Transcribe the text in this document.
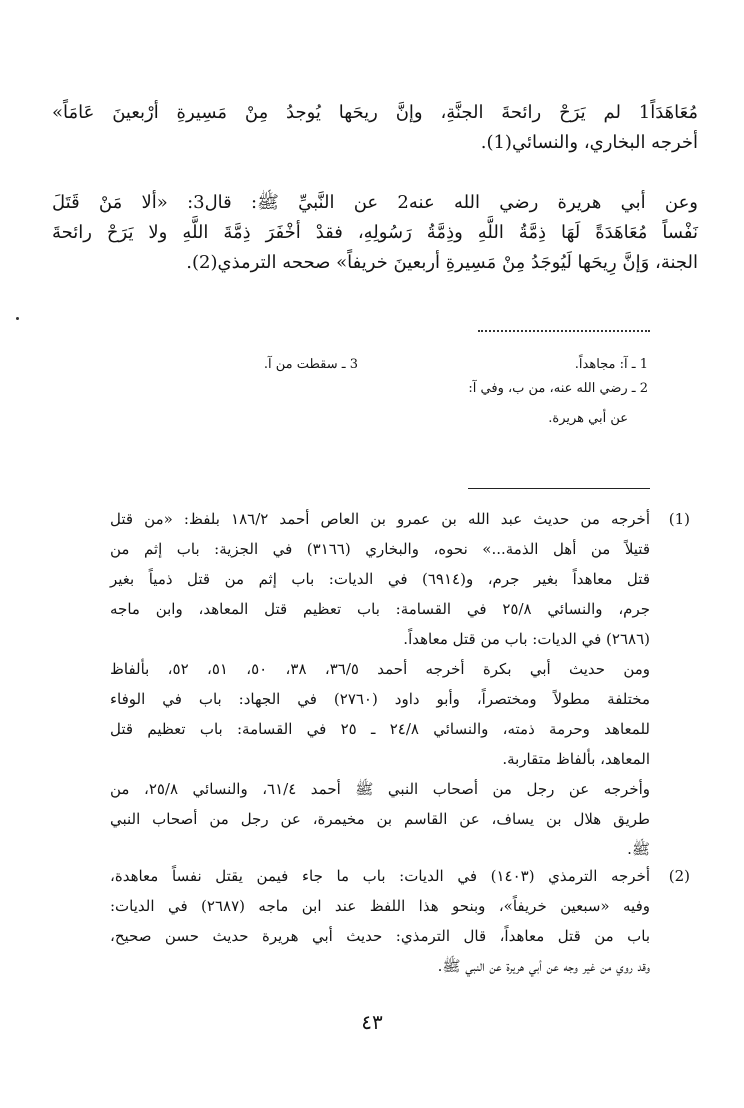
مُعَاهَدَاً1 لم يَرَحْ رائحةَ الجنَّةِ، وإنَّ ريحَها يُوجدُ مِنْ مَسِيرةِ أرْبعينَ عَامَاً»
أخرجه البخاري، والنسائي(1).
وعن أبي هريرة رضي الله عنه2 عن النَّبيِّ ﷺ: قال3: «ألا مَنْ قَتَلَ
نَفْساً مُعَاهَدَةً لَهَا ذِمَّةُ اللَّهِ وذِمَّةُ رَسُولِهِ، فقدْ أخْفَرَ ذِمَّةَ اللَّهِ ولا يَرَحْ رائحةَ
الجنة، وَإنَّ رِيحَها لَيُوجَدُ مِنْ مَسِيرةِ أربعينَ خريفاً» صححه الترمذي(2).
1 ـ آ: مجاهداً.
3 ـ سقطت من آ.
2 ـ رضي الله عنه، من ب، وفي آ:
عن أبي هريرة.
(1)
أخرجه من حديث عبد الله بن عمرو بن العاص أحمد ١٨٦/٢ بلفظ: «من قتل
قتيلاً من أهل الذمة...» نحوه، والبخاري (٣١٦٦) في الجزية: باب إثم من
قتل معاهداً بغير جرم، و(٦٩١٤) في الديات: باب إثم من قتل ذمياً بغير
جرم، والنسائي ٢٥/٨ في القسامة: باب تعظيم قتل المعاهد، وابن ماجه
(٢٦٨٦) في الديات: باب من قتل معاهداً.
ومن حديث أبي بكرة أخرجه أحمد ٣٦/٥، ٣٨، ٥٠، ٥١، ٥٢، بألفاظ
مختلفة مطولاً ومختصراً، وأبو داود (٢٧٦٠) في الجهاد: باب في الوفاء
للمعاهد وحرمة ذمته، والنسائي ٢٤/٨ ـ ٢٥ في القسامة: باب تعظيم قتل
المعاهد، بألفاظ متقاربة.
وأخرجه عن رجل من أصحاب النبي ﷺ أحمد ٦١/٤، والنسائي ٢٥/٨، من
طريق هلال بن يساف، عن القاسم بن مخيمرة، عن رجل من أصحاب النبي
ﷺ.
(2)
أخرجه الترمذي (١٤٠٣) في الديات: باب ما جاء فيمن يقتل نفساً معاهدة،
وفيه «سبعين خريفاً»، وبنحو هذا اللفظ عند ابن ماجه (٢٦٨٧) في الديات:
باب من قتل معاهداً، قال الترمذي: حديث أبي هريرة حديث حسن صحيح،
وقد روي من غير وجه عن أبي هريرة عن النبي ﷺ.
٤٣
